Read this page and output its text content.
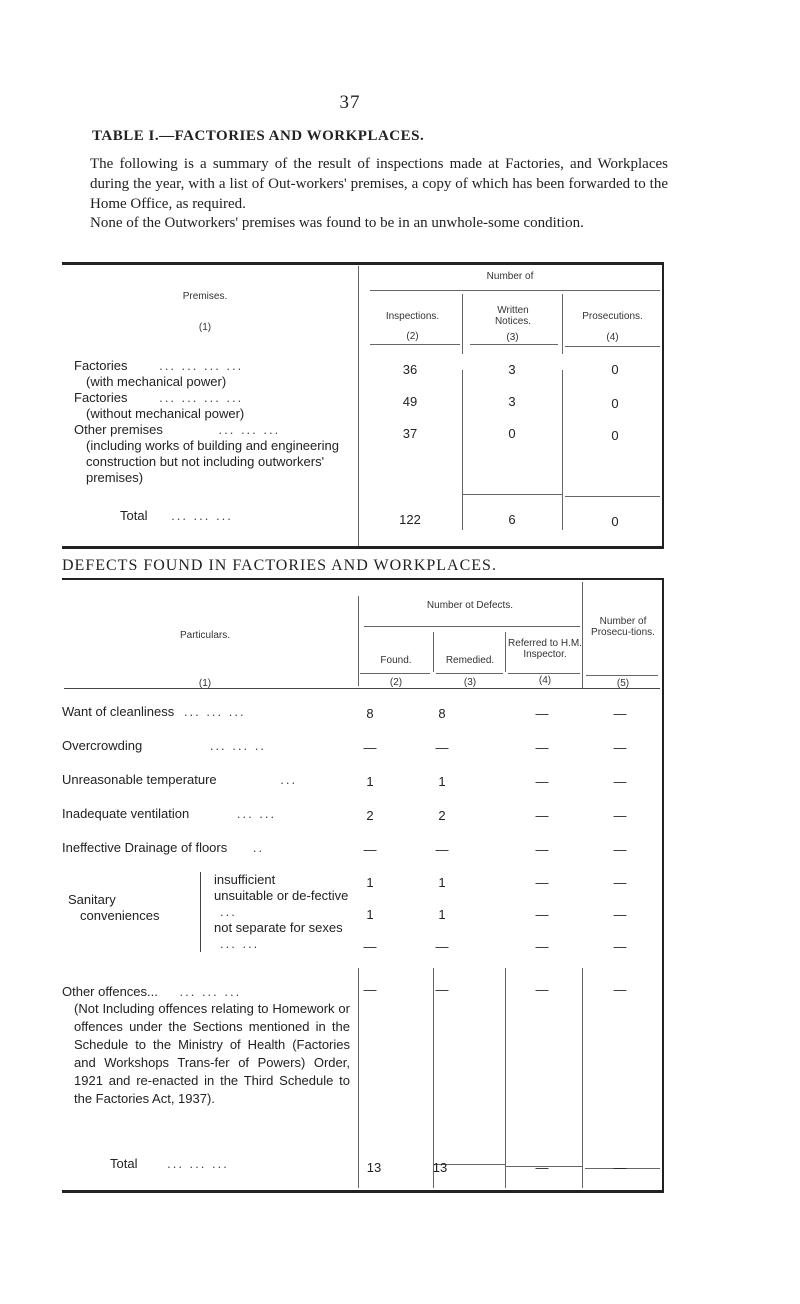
37
TABLE I.—FACTORIES AND WORKPLACES.
The following is a summary of the result of inspections made at Factories, and Workplaces during the year, with a list of Out-workers' premises, a copy of which has been forwarded to the Home Office, as required.
None of the Outworkers' premises was found to be in an unwhole-some condition.
Number of
Premises.
(1)
Inspections.
(2)
Written Notices.
(3)
Prosecutions.
(4)
Factories ... ... ... ...
(with mechanical power)
36	3	0
Factories ... ... ... ...
(without mechanical power)
49	3	0
Other premises	... ... ...
(including works of building and engineering construction but not including outworkers' premises)
37	0	0
Total ... ... ...	122	6	0
DEFECTS FOUND IN FACTORIES AND WORKPLACES.
Number ot Defects.
Particulars.
(1)
Found.
(2)
Remedied.
(3)
Referred to H.M. Inspector.
(4)
Number of Prosecu-tions.
(5)
Want of cleanliness ... ... ...	8	8	—	—
Overcrowding	... ... ..	—	—	—	—
Unreasonable temperature	...	1	1	—	—
Inadequate ventilation	... ...	2	2	—	—
Ineffective Drainage of floors ..	—	—	—	—
Sanitary
conveniences
insufficient	1	1	—	—
unsuitable or de-fective ...	1	1	—	—
not separate for sexes ... ...	—	—	—	—
Other offences... ... ... ...
(Not Including offences relating to Homework or offences under the Sections mentioned in the Schedule to the Ministry of Health (Factories and Workshops Trans-fer of Powers) Order, 1921 and re-enacted in the Third Schedule to the Factories Act, 1937).
—	—	—	—
Total ... ... ...	13	13	—	—
